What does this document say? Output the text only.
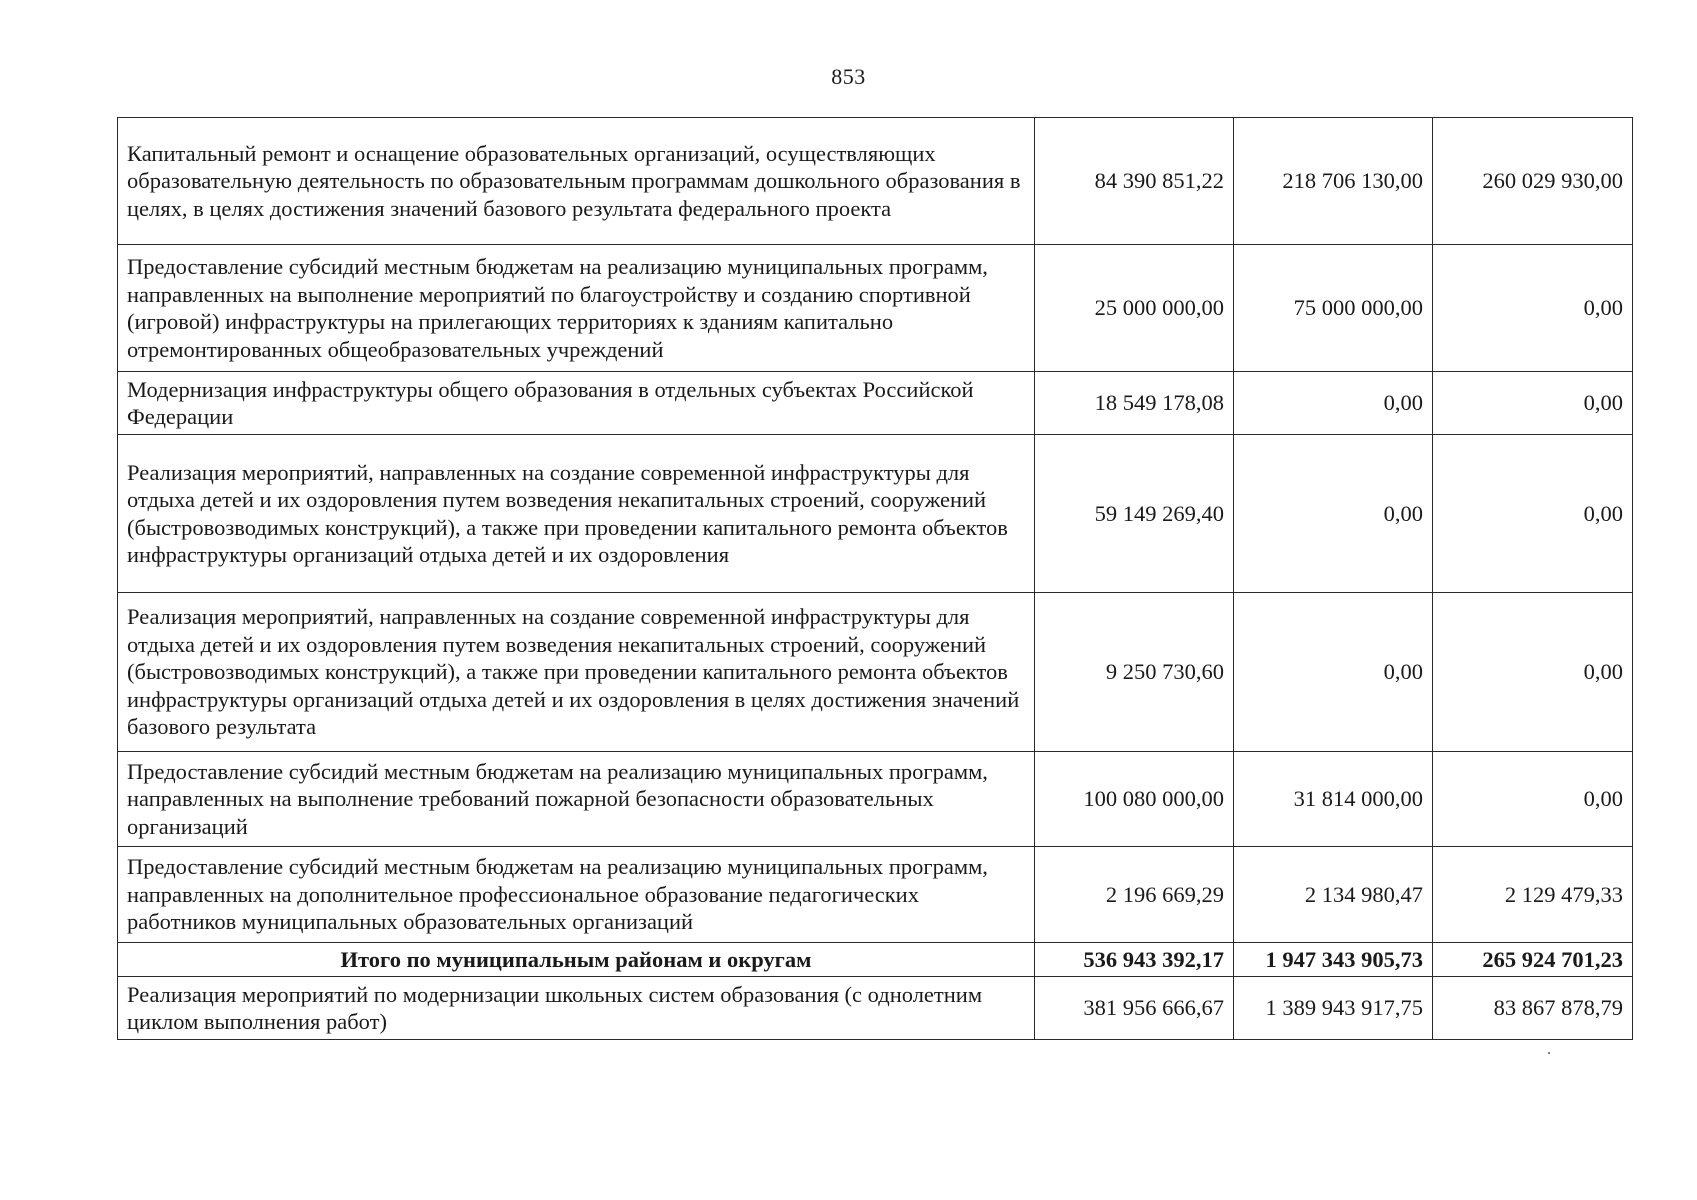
853
Капитальный ремонт и оснащение образовательных организаций, осуществляющих образовательную деятельность по образовательным программам дошкольного образования в целях, в целях достижения значений базового результата федерального проекта	84 390 851,22	218 706 130,00	260 029 930,00
Предоставление субсидий местным бюджетам на реализацию муниципальных программ, направленных на выполнение мероприятий по благоустройству и созданию спортивной (игровой) инфраструктуры на прилегающих территориях к зданиям капитально отремонтированных общеобразовательных учреждений	25 000 000,00	75 000 000,00	0,00
Модернизация инфраструктуры общего образования в отдельных субъектах Российской Федерации	18 549 178,08	0,00	0,00
Реализация мероприятий, направленных на создание современной инфраструктуры для отдыха детей и их оздоровления путем возведения некапитальных строений, сооружений (быстровозводимых конструкций), а также при проведении капитального ремонта объектов инфраструктуры организаций отдыха детей и их оздоровления	59 149 269,40	0,00	0,00
Реализация мероприятий, направленных на создание современной инфраструктуры для отдыха детей и их оздоровления путем возведения некапитальных строений, сооружений (быстровозводимых конструкций), а также при проведении капитального ремонта объектов инфраструктуры организаций отдыха детей и их оздоровления в целях достижения значений базового результата	9 250 730,60	0,00	0,00
Предоставление субсидий местным бюджетам на реализацию муниципальных программ, направленных на выполнение требований пожарной безопасности образовательных организаций	100 080 000,00	31 814 000,00	0,00
Предоставление субсидий местным бюджетам на реализацию муниципальных программ, направленных на дополнительное профессиональное образование педагогических работников муниципальных образовательных организаций	2 196 669,29	2 134 980,47	2 129 479,33
Итого по муниципальным районам и округам	536 943 392,17	1 947 343 905,73	265 924 701,23
Реализация мероприятий по модернизации школьных систем образования (с однолетним циклом выполнения работ)	381 956 666,67	1 389 943 917,75	83 867 878,79
